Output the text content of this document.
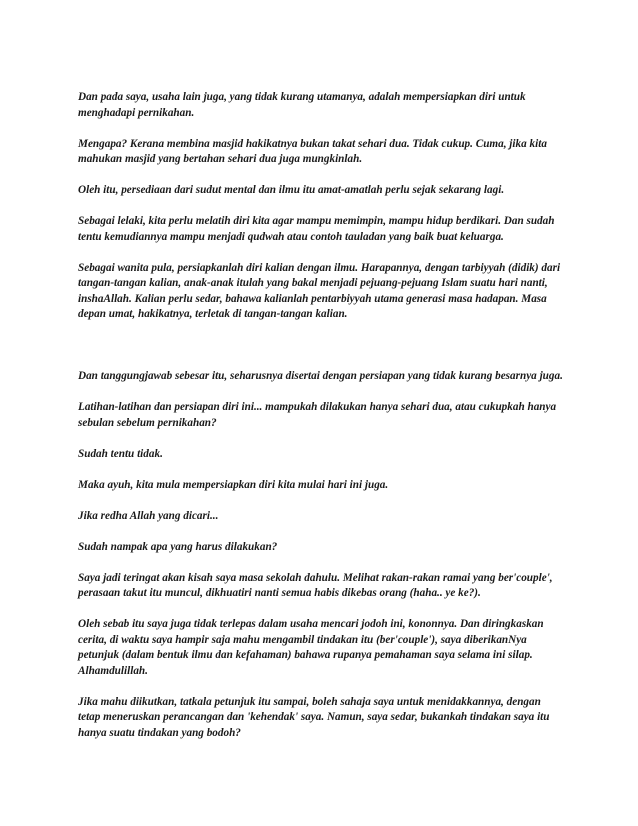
Dan pada saya, usaha lain juga, yang tidak kurang utamanya, adalah mempersiapkan diri untuk menghadapi pernikahan.

Mengapa? Kerana membina masjid hakikatnya bukan takat sehari dua. Tidak cukup. Cuma, jika kita mahukan masjid yang bertahan sehari dua jugа mungkinlah.

Oleh itu, persediaan dari sudut mental dan ilmu itu amat-amatlah perlu sejak sekarang lagi.

Sebagai lelaki, kita perlu melatih diri kita agar mampu memimpin, mampu hidup berdikari. Dan sudah tentu kemudiannya mampu menjadi qudwah atau contoh tauladan yang baik buat keluarga.

Sebagai wanita pula, persiapkanlah diri kalian dengan ilmu. Harapannya, dengan tarbiyyah (didik) dari tangan-tangan kalian, anak-anak itulah yang bakal menjadi pejuang-pejuang Islam suatu hari nanti, inshaAllah. Kalian perlu sedar, bahawa kalianlah pentarbiyyah utama generasi masa hadapan. Masa depan umat, hakikatnya, terletak di tangan-tangan kalian.

Dan tanggungjawab sebesar itu, seharusnya disertai dengan persiapan yang tidak kurang besarnya juga.

Latihan-latihan dan persiapan diri ini... mampukah dilakukan hanya sehari dua, atau cukupkah hanya sebulan sebelum pernikahan?

Sudah tentu tidak.

Maka ayuh, kita mula mempersiapkan diri kita mulai hari ini juga.

Jika redha Allah yang dicari...

Sudah nampak apa yang harus dilakukan?

Saya jadi teringat akan kisah saya masa sekolah dahulu. Melihat rakan-rakan ramai yang ber'couple', perasaan takut itu muncul, dikhuatiri nanti semua habis dikebas orang (haha.. ye ke?).

Oleh sebab itu saya juga tidak terlepas dalam usaha mencari jodoh ini, kononnya. Dan diringkaskan cerita, di waktu saya hampir saja mahu mengambil tindakan itu (ber'couple'), saya diberikanNya petunjuk (dalam bentuk ilmu dan kefahaman) bahawa rupanya pemahaman saya selama ini silap. Alhamdulillah.

Jika mahu diikutkan, tatkala petunjuk itu sampai, boleh sahaja saya untuk menidakkannya, dengan tetap meneruskan perancangan dan 'kehendak' saya. Namun, saya sedar, bukankah tindakan saya itu hanya suatu tindakan yang bodoh?
